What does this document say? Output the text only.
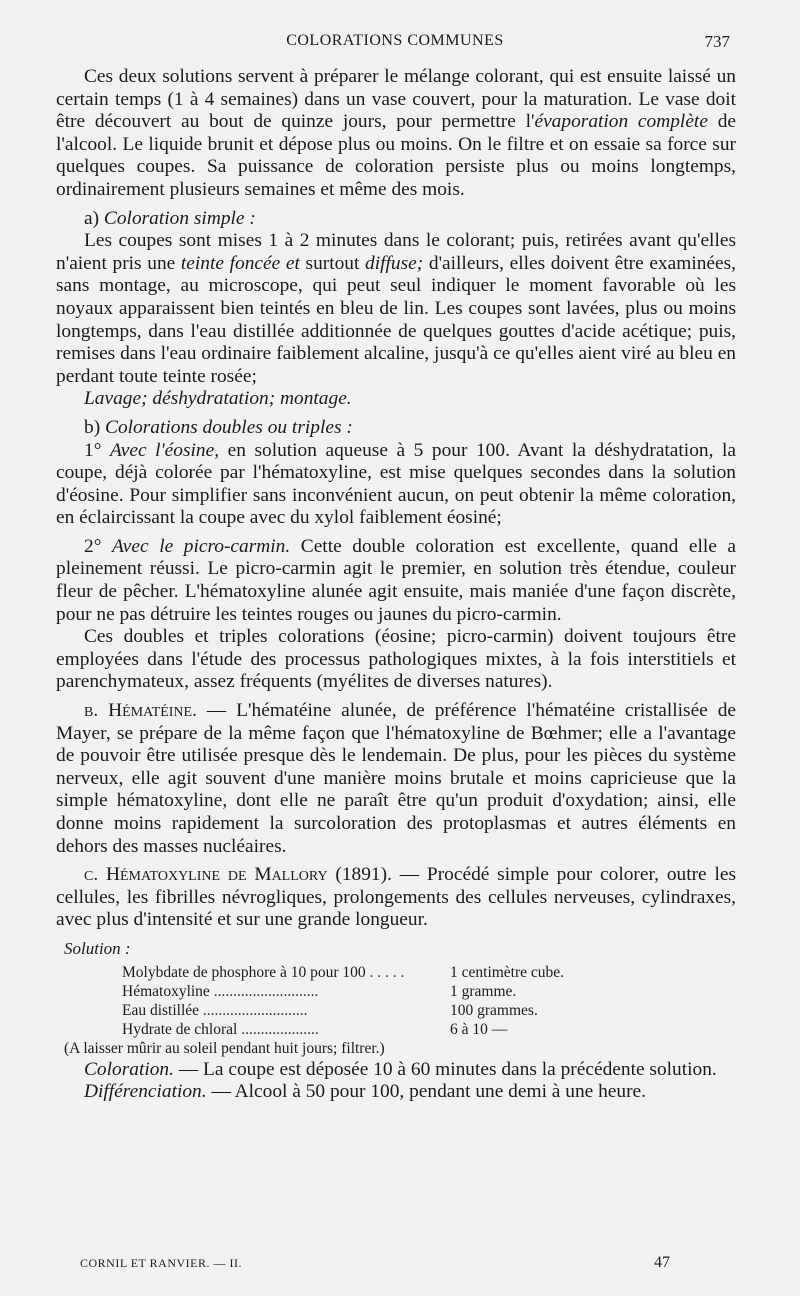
COLORATIONS COMMUNES	737

Ces deux solutions servent à préparer le mélange colorant, qui est ensuite laissé un certain temps (1 à 4 semaines) dans un vase couvert, pour la maturation. Le vase doit être découvert au bout de quinze jours, pour permettre l'évaporation complète de l'alcool. Le liquide brunit et dépose plus ou moins. On le filtre et on essaie sa force sur quelques coupes. Sa puissance de coloration persiste plus ou moins longtemps, ordinairement plusieurs semaines et même des mois.

a) Coloration simple :

Les coupes sont mises 1 à 2 minutes dans le colorant; puis, retirées avant qu'elles n'aient pris une teinte foncée et surtout diffuse; d'ailleurs, elles doivent être examinées, sans montage, au microscope, qui peut seul indiquer le moment favorable où les noyaux apparaissent bien teintés en bleu de lin. Les coupes sont lavées, plus ou moins longtemps, dans l'eau distillée additionnée de quelques gouttes d'acide acétique; puis, remises dans l'eau ordinaire faiblement alcaline, jusqu'à ce qu'elles aient viré au bleu en perdant toute teinte rosée;

Lavage; déshydratation; montage.

b) Colorations doubles ou triples :

1° Avec l'éosine, en solution aqueuse à 5 pour 100. Avant la déshydratation, la coupe, déjà colorée par l'hématoxyline, est mise quelques secondes dans la solution d'éosine. Pour simplifier sans inconvénient aucun, on peut obtenir la même coloration, en éclaircissant la coupe avec du xylol faiblement éosiné;

2° Avec le picro-carmin. Cette double coloration est excellente, quand elle a pleinement réussi. Le picro-carmin agit le premier, en solution très étendue, couleur fleur de pêcher. L'hématoxyline alunée agit ensuite, mais maniée d'une façon discrète, pour ne pas détruire les teintes rouges ou jaunes du picro-carmin.

Ces doubles et triples colorations (éosine; picro-carmin) doivent toujours être employées dans l'étude des processus pathologiques mixtes, à la fois interstitiels et parenchymateux, assez fréquents (myélites de diverses natures).

b. Hématéine. — L'hématéine alunée, de préférence l'hématéine cristallisée de Mayer, se prépare de la même façon que l'hématoxyline de Bœhmer; elle a l'avantage de pouvoir être utilisée presque dès le lendemain. De plus, pour les pièces du système nerveux, elle agit souvent d'une manière moins brutale et moins capricieuse que la simple hématoxyline, dont elle ne paraît être qu'un produit d'oxydation; ainsi, elle donne moins rapidement la surcoloration des protoplasmas et autres éléments en dehors des masses nucléaires.

c. Hématoxyline de Mallory (1891). — Procédé simple pour colorer, outre les cellules, les fibrilles névrogliques, prolongements des cellules nerveuses, cylindraxes, avec plus d'intensité et sur une grande longueur.

Solution :
Molybdate de phosphore à 10 pour 100 . . . . .	1 centimètre cube.
Hématoxyline ...........................	1 gramme.
Eau distillée ...........................	100 grammes.
Hydrate de chloral ....................	6 à 10 —
(A laisser mûrir au soleil pendant huit jours; filtrer.)

Coloration. — La coupe est déposée 10 à 60 minutes dans la précédente solution.

Différenciation. — Alcool à 50 pour 100, pendant une demi à une heure.

CORNIL ET RANVIER. — II.	47
